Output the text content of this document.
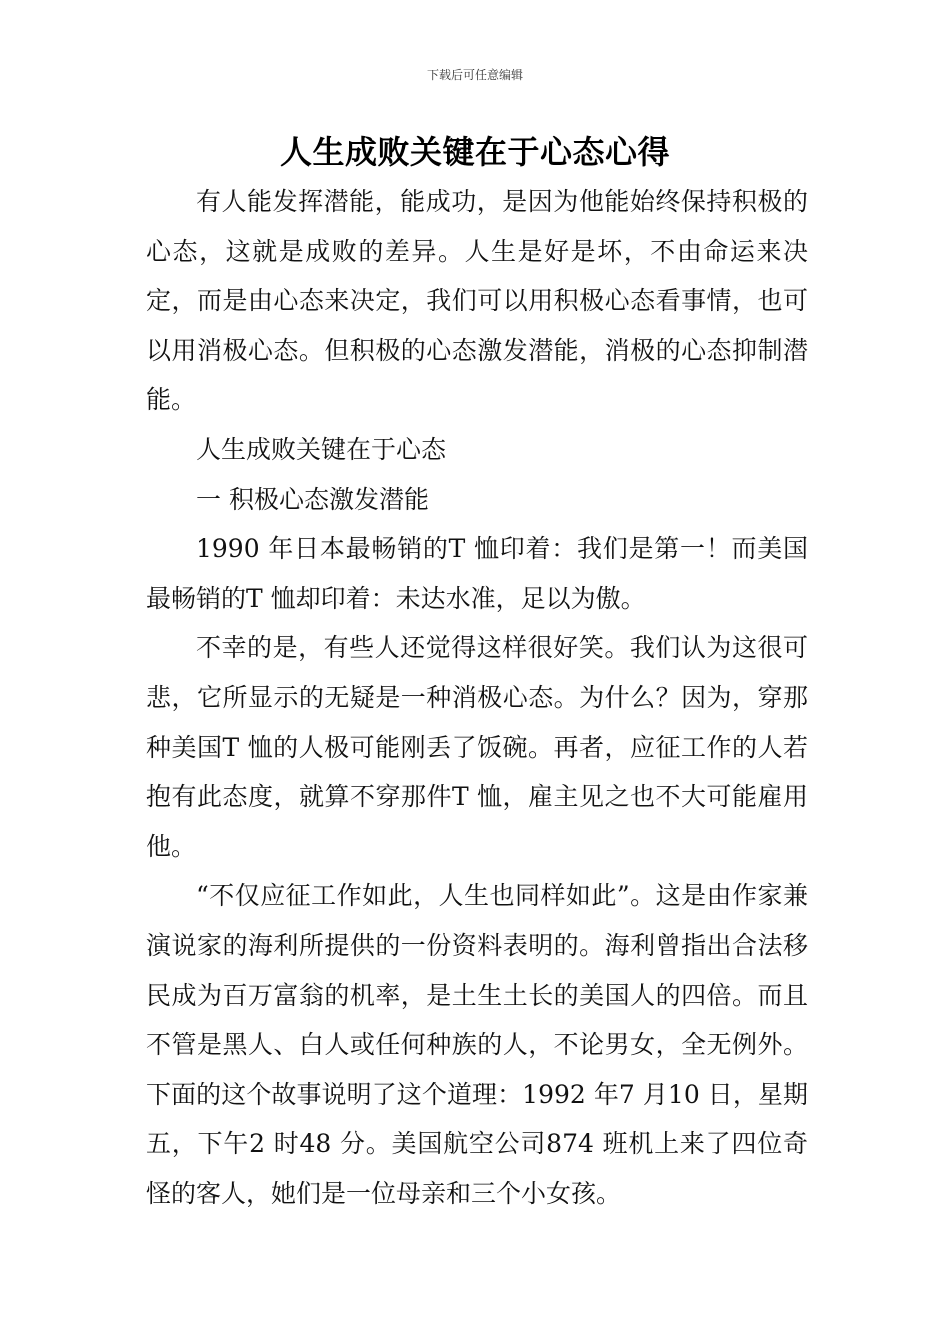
下载后可任意编辑
人生成败关键在于心态心得

有人能发挥潜能，能成功，是因为他能始终保持积极的心态，这就是成败的差异。人生是好是坏，不由命运来决定，而是由心态来决定，我们可以用积极心态看事情，也可以用消极心态。但积极的心态激发潜能，消极的心态抑制潜能。

人生成败关键在于心态

一 积极心态激发潜能

1990 年日本最畅销的T 恤印着：我们是第一！而美国最畅销的T 恤却印着：未达水准，足以为傲。

不幸的是，有些人还觉得这样很好笑。我们认为这很可悲，它所显示的无疑是一种消极心态。为什么？因为，穿那种美国T 恤的人极可能刚丢了饭碗。再者，应征工作的人若抱有此态度，就算不穿那件T 恤，雇主见之也不大可能雇用他。

“不仅应征工作如此，人生也同样如此”。这是由作家兼演说家的海利所提供的一份资料表明的。海利曾指出合法移民成为百万富翁的机率，是土生土长的美国人的四倍。而且不管是黑人、白人或任何种族的人，不论男女，全无例外。下面的这个故事说明了这个道理：1992 年7 月10 日，星期五，下午2 时48 分。美国航空公司874 班机上来了四位奇怪的客人，她们是一位母亲和三个小女孩。
